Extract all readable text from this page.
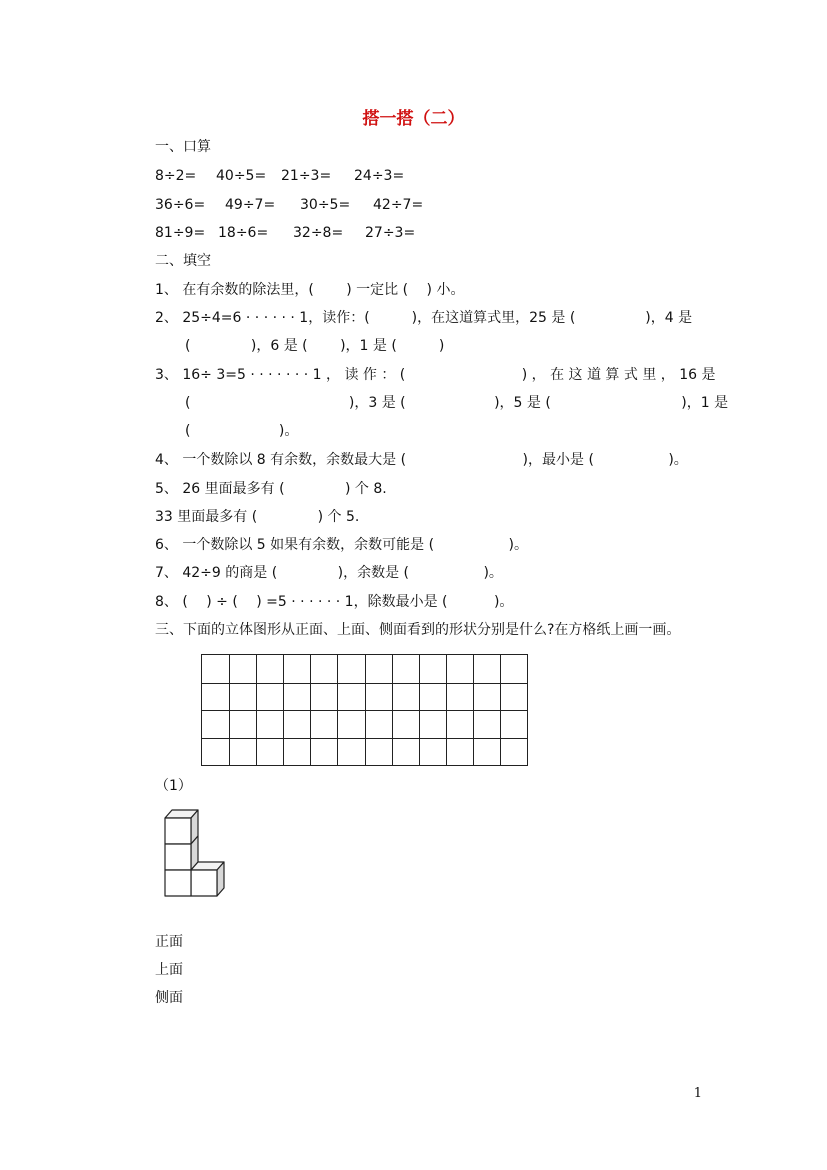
搭一搭（二）
一、口算
8÷2= 40÷5= 21÷3= 24÷3=
36÷6= 49÷7= 30÷5= 42÷7=
81÷9= 18÷6= 32÷8= 27÷3=
二、填空
1、 在有余数的除法里，(　　 ) 一定比 (　 ) 小。
2、 25÷4=6 · · · · · · 1，读作：(　　　)，在这道算式里，25 是 (　　　　　)，4 是
( 　　　　)，6 是 (　　 )，1 是 (　　　)
3、 16÷ 3=5 · · · · · · · 1 ， 读 作 ： (　　　　　　　　 ) ， 在 这 道 算 式 里 ， 16 是
(　　　　　　　　　　　 )，3 是 (　　　　　　 )，5 是 (　　　　　　　　　 )，1 是
(　　　　　　 )。
4、 一个数除以 8 有余数，余数最大是 (　　　　　　　　 )，最小是 (　　　　　 )。
5、 26 里面最多有 (　　　　 ) 个 8.
33 里面最多有 (　　　　 ) 个 5.
6、 一个数除以 5 如果有余数，余数可能是 (　　　　　 )。
7、 42÷9 的商是 (　　　　 )，余数是 (　　　　　 )。
8、 (　 ) ÷ (　 ) =5 · · · · · · 1，除数最小是 (　　　 )。
三、下面的立体图形从正面、上面、侧面看到的形状分别是什么?在方格纸上画一画。
（1）
正面
上面
侧面
1
